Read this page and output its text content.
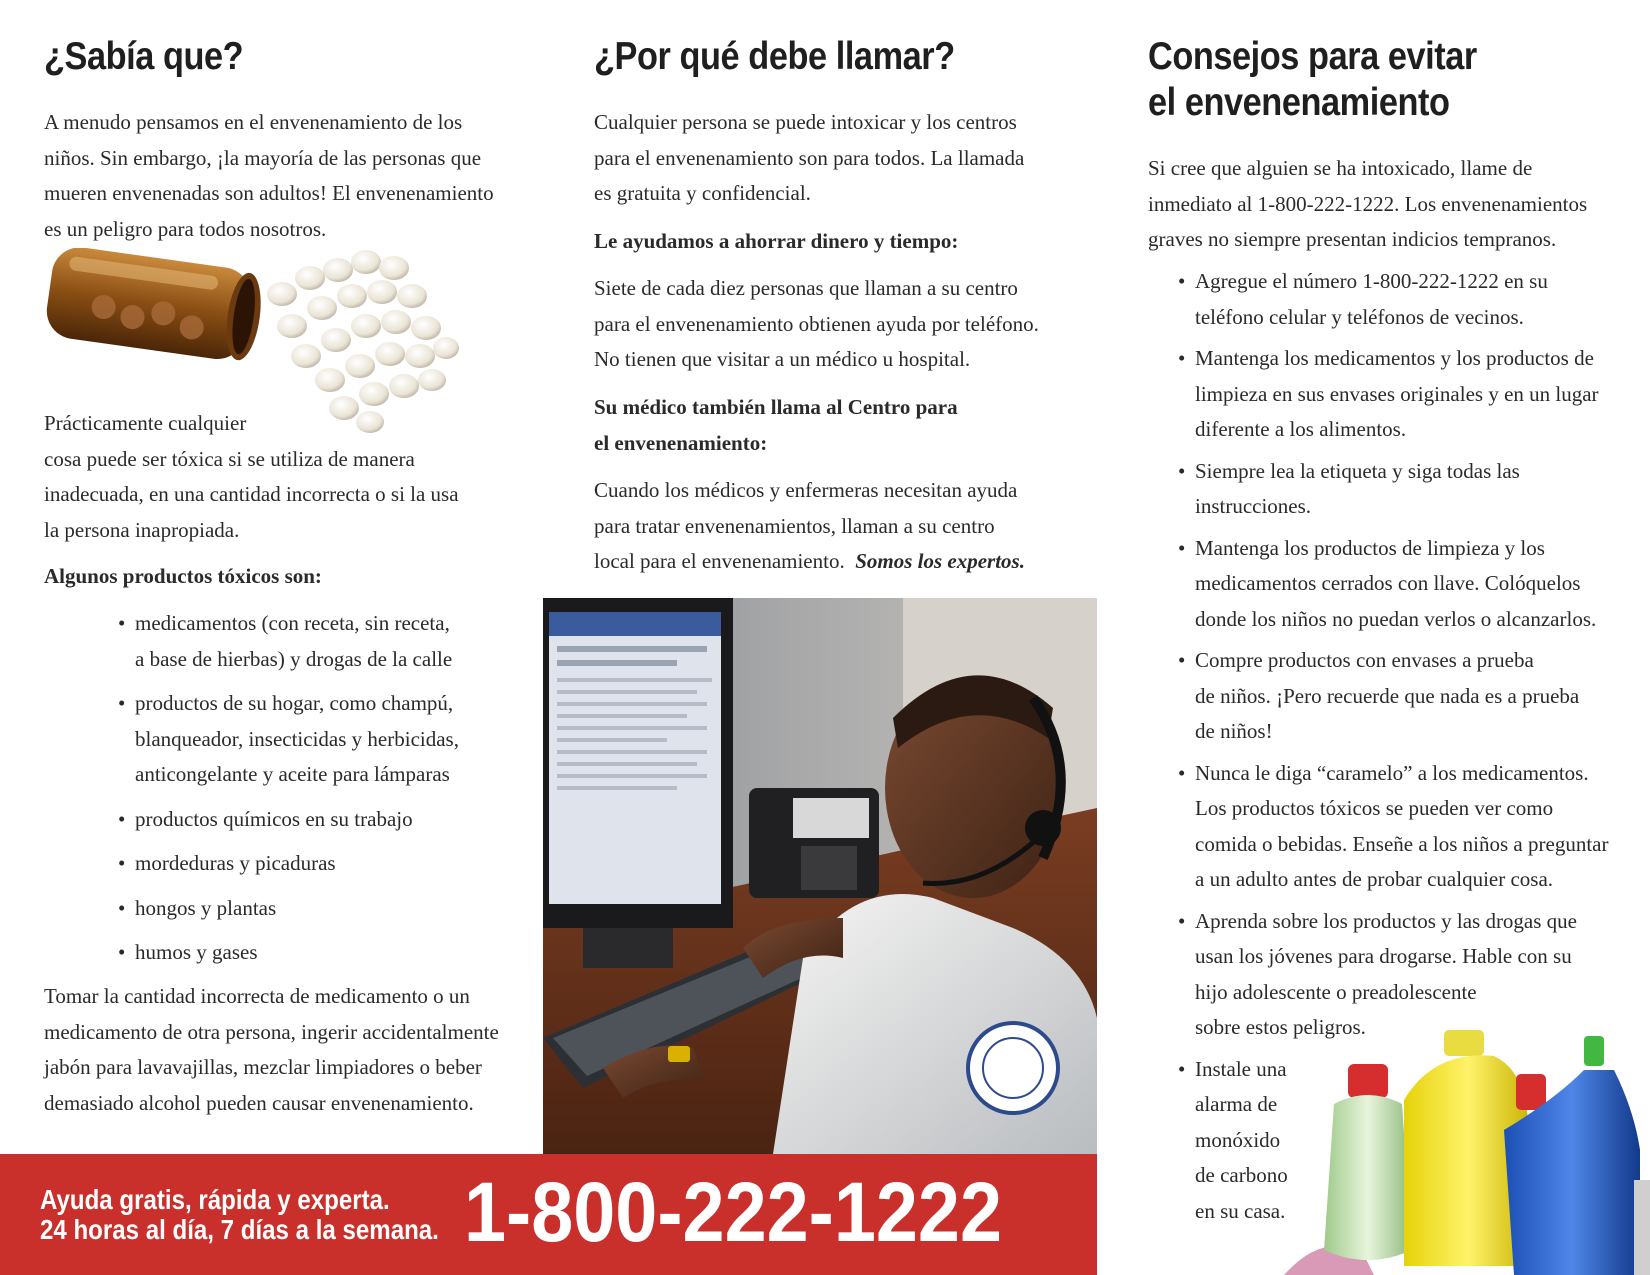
¿Sabía que?
A menudo pensamos en el envenenamiento de los
niños. Sin embargo, ¡la mayoría de las personas que
mueren envenenadas son adultos! El envenenamiento
es un peligro para todos nosotros.
Prácticamente cualquier
cosa puede ser tóxica si se utiliza de manera
inadecuada, en una cantidad incorrecta o si la usa
la persona inapropiada.
Algunos productos tóxicos son:
• medicamentos (con receta, sin receta,
a base de hierbas) y drogas de la calle
• productos de su hogar, como champú,
blanqueador, insecticidas y herbicidas,
anticongelante y aceite para lámparas
• productos químicos en su trabajo
• mordeduras y picaduras
• hongos y plantas
• humos y gases
Tomar la cantidad incorrecta de medicamento o un
medicamento de otra persona, ingerir accidentalmente
jabón para lavavajillas, mezclar limpiadores o beber
demasiado alcohol pueden causar envenenamiento.
¿Por qué debe llamar?
Cualquier persona se puede intoxicar y los centros
para el envenenamiento son para todos. La llamada
es gratuita y confidencial.
Le ayudamos a ahorrar dinero y tiempo:
Siete de cada diez personas que llaman a su centro
para el envenenamiento obtienen ayuda por teléfono.
No tienen que visitar a un médico u hospital.
Su médico también llama al Centro para
el envenenamiento:
Cuando los médicos y enfermeras necesitan ayuda
para tratar envenenamientos, llaman a su centro
local para el envenenamiento.  Somos los expertos.
Consejos para evitar
el envenenamiento
Si cree que alguien se ha intoxicado, llame de
inmediato al 1-800-222-1222. Los envenenamientos
graves no siempre presentan indicios tempranos.
• Agregue el número 1-800-222-1222 en su
teléfono celular y teléfonos de vecinos.
• Mantenga los medicamentos y los productos de
limpieza en sus envases originales y en un lugar
diferente a los alimentos.
• Siempre lea la etiqueta y siga todas las
instrucciones.
• Mantenga los productos de limpieza y los
medicamentos cerrados con llave. Colóquelos
donde los niños no puedan verlos o alcanzarlos.
• Compre productos con envases a prueba
de niños. ¡Pero recuerde que nada es a prueba
de niños!
• Nunca le diga “caramelo” a los medicamentos.
Los productos tóxicos se pueden ver como
comida o bebidas. Enseñe a los niños a preguntar
a un adulto antes de probar cualquier cosa.
• Aprenda sobre los productos y las drogas que
usan los jóvenes para drogarse. Hable con su
hijo adolescente o preadolescente
sobre estos peligros.
• Instale una
alarma de
monóxido
de carbono
en su casa.
Ayuda gratis, rápida y experta.
24 horas al día, 7 días a la semana. 1-800-222-1222
